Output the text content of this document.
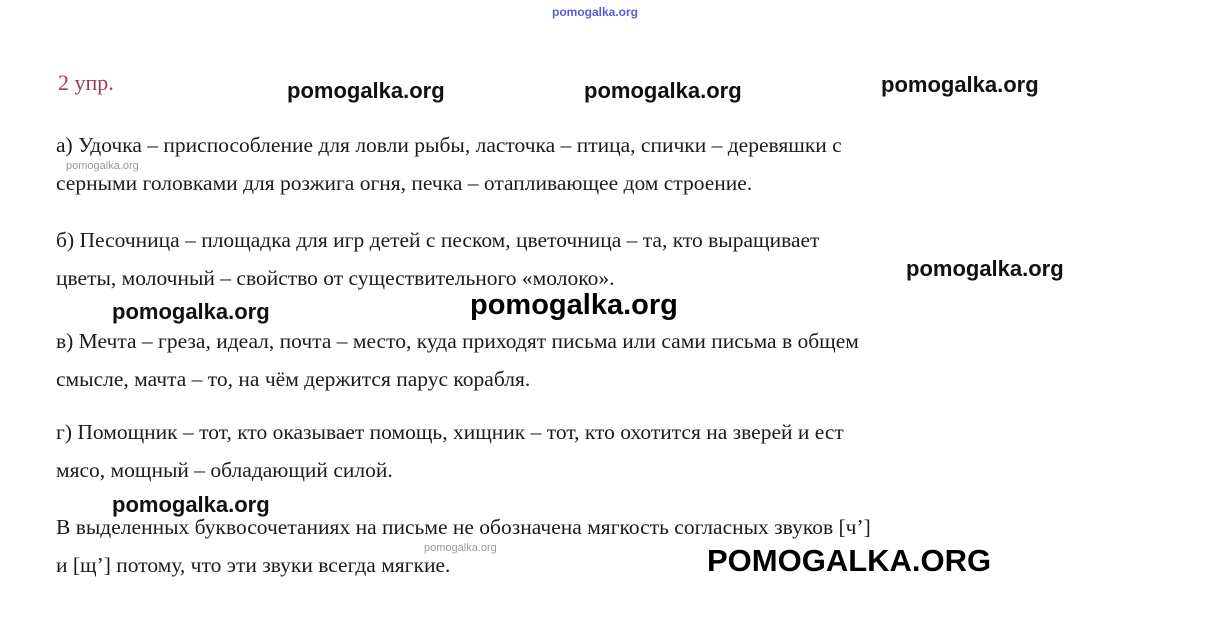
pomogalka.org
pomogalka.org	pomogalka.org	pomogalka.org
pomogalka.org
pomogalka.org
pomogalka.org	pomogalka.org
pomogalka.org
pomogalka.org	POMOGALKA.ORG
2 упр.
а) Удочка – приспособление для ловли рыбы, ласточка – птица, спички – деревяшки с
серными головками для розжига огня, печка – отапливающее дом строение.
б) Песочница – площадка для игр детей с песком, цветочница – та, кто выращивает
цветы, молочный – свойство от существительного «молоко».
в) Мечта – греза, идеал, почта – место, куда приходят письма или сами письма в общем
смысле, мачта – то, на чём держится парус корабля.
г) Помощник – тот, кто оказывает помощь, хищник – тот, кто охотится на зверей и ест
мясо, мощный – обладающий силой.
В выделенных буквосочетаниях на письме не обозначена мягкость согласных звуков [ч’]
и [щ’] потому, что эти звуки всегда мягкие.
